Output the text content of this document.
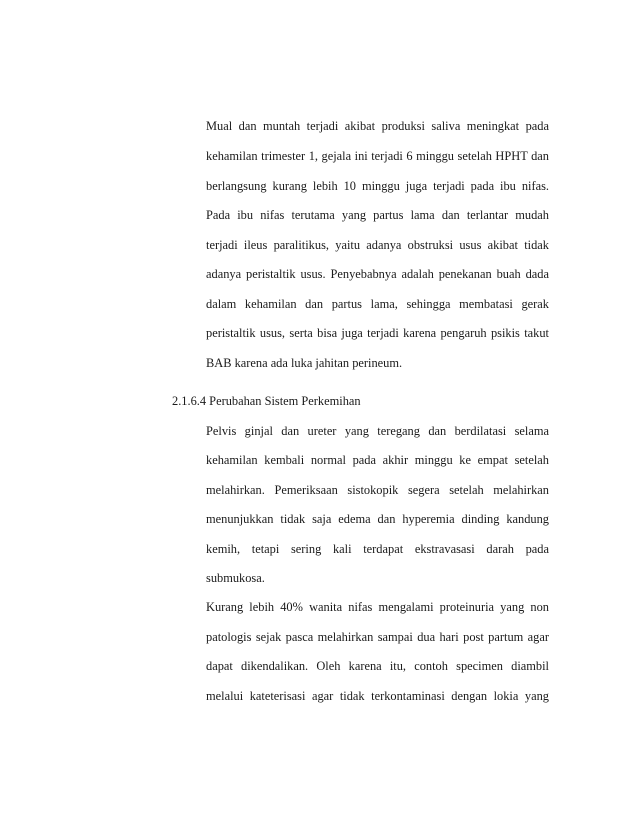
Mual dan muntah terjadi akibat produksi saliva meningkat pada
kehamilan trimester 1, gejala ini terjadi 6 minggu setelah HPHT dan
berlangsung kurang lebih 10 minggu juga terjadi pada ibu nifas.
Pada ibu nifas terutama yang partus lama dan terlantar mudah
terjadi ileus paralitikus, yaitu adanya obstruksi usus akibat tidak
adanya peristaltik usus. Penyebabnya adalah penekanan buah dada
dalam kehamilan dan partus lama, sehingga membatasi gerak
peristaltik usus, serta bisa juga terjadi karena pengaruh psikis takut
BAB karena ada luka jahitan perineum.
2.1.6.4 Perubahan Sistem Perkemihan
Pelvis ginjal dan ureter yang teregang dan berdilatasi selama
kehamilan kembali normal pada akhir minggu ke empat setelah
melahirkan. Pemeriksaan sistokopik segera setelah melahirkan
menunjukkan tidak saja edema dan hyperemia dinding kandung
kemih, tetapi sering kali terdapat ekstravasasi darah pada
submukosa.
Kurang lebih 40% wanita nifas mengalami proteinuria yang non
patologis sejak pasca melahirkan sampai dua hari post partum agar
dapat dikendalikan. Oleh karena itu, contoh specimen diambil
melalui kateterisasi agar tidak terkontaminasi dengan lokia yang
